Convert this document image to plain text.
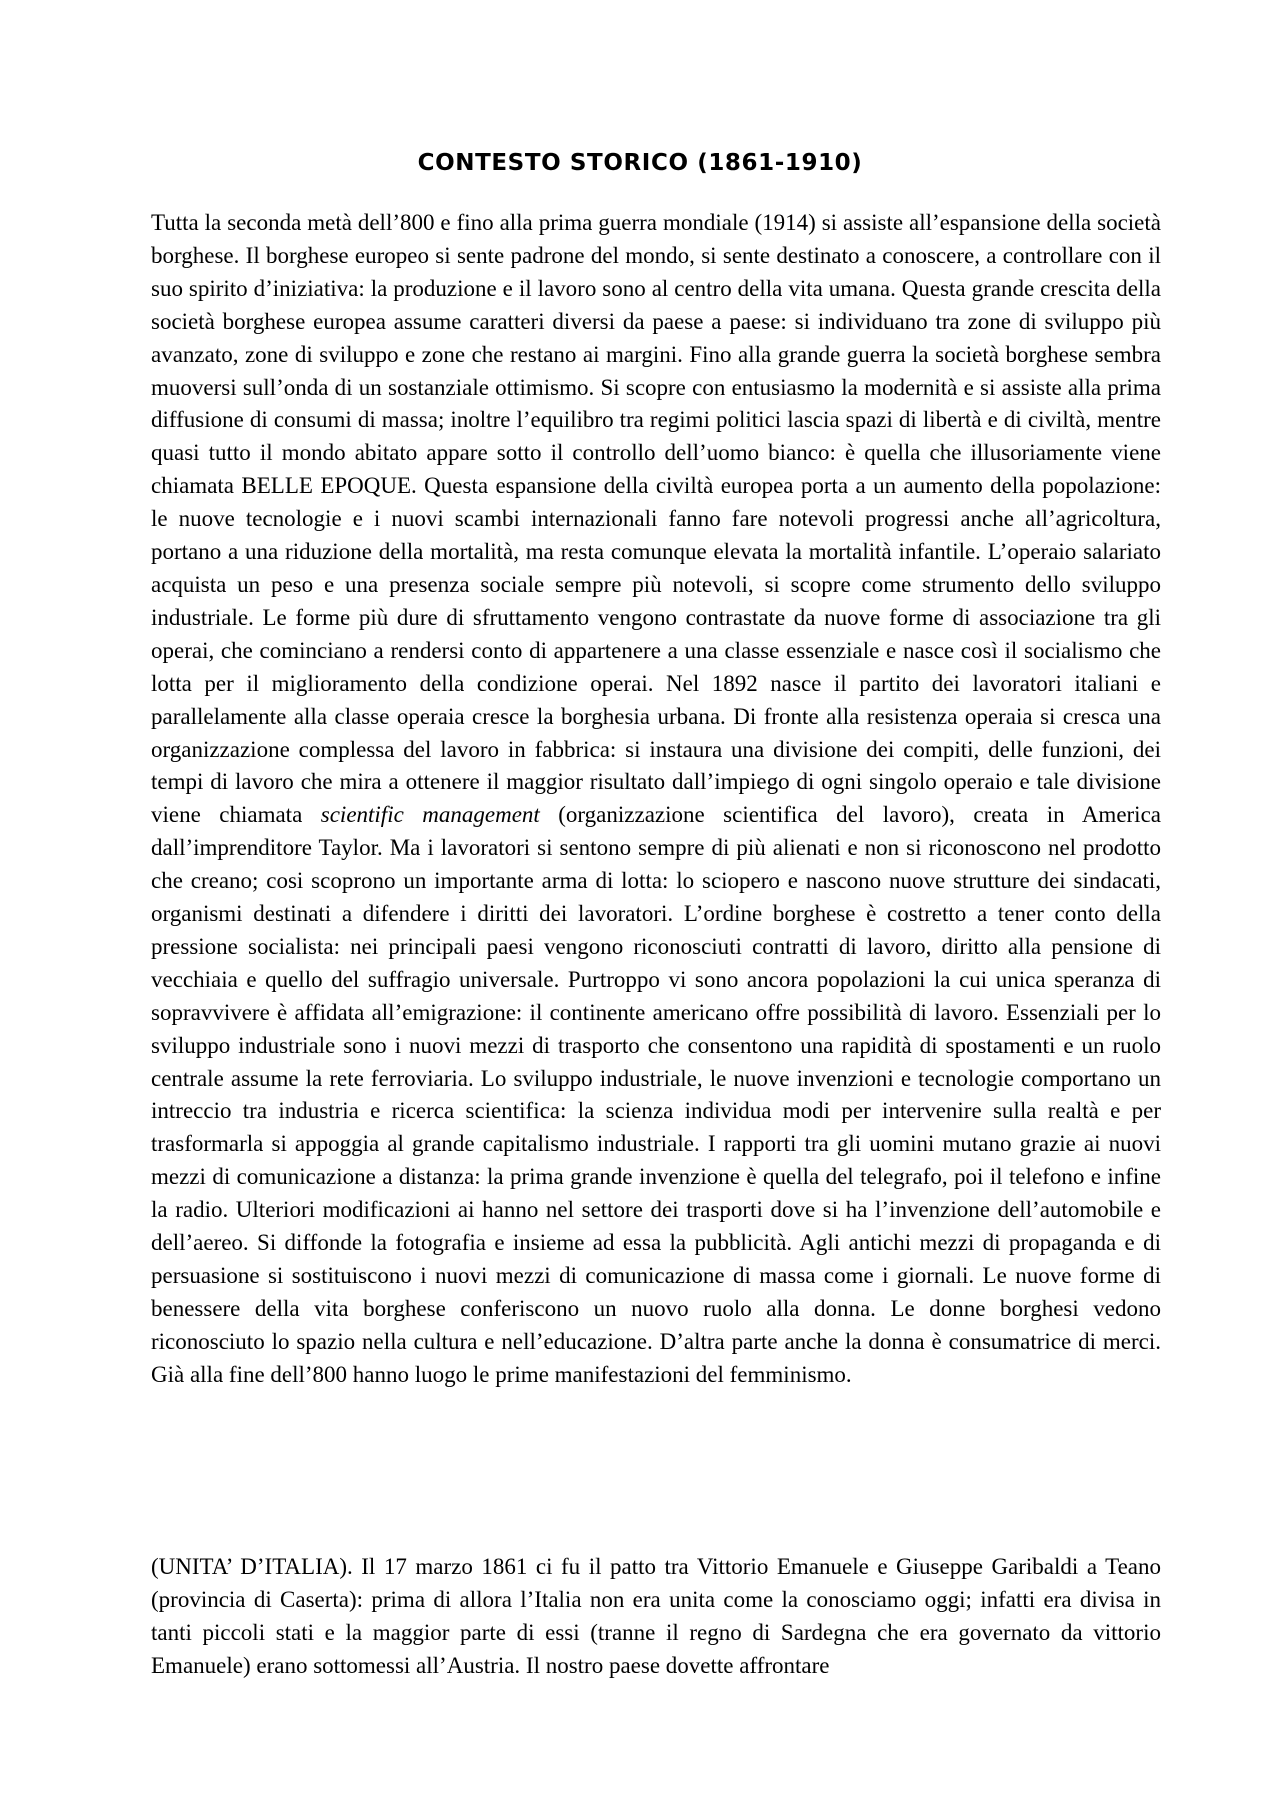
CONTESTO STORICO (1861-1910)

Tutta la seconda metà dell’800 e fino alla prima guerra mondiale (1914) si assiste all’espansione della società borghese. Il borghese europeo si sente padrone del mondo, si sente destinato a conoscere, a controllare con il suo spirito d’iniziativa: la produzione e il lavoro sono al centro della vita umana. Questa grande crescita della società borghese europea assume caratteri diversi da paese a paese: si individuano tra zone di sviluppo più avanzato, zone di sviluppo e zone che restano ai margini. Fino alla grande guerra la società borghese sembra muoversi sull’onda di un sostanziale ottimismo. Si scopre con entusiasmo la modernità e si assiste alla prima diffusione di consumi di massa; inoltre l’equilibro tra regimi politici lascia spazi di libertà e di civiltà, mentre quasi tutto il mondo abitato appare sotto il controllo dell’uomo bianco: è quella che illusoriamente viene chiamata BELLE EPOQUE. Questa espansione della civiltà europea porta a un aumento della popolazione: le nuove tecnologie e i nuovi scambi internazionali fanno fare notevoli progressi anche all’agricoltura, portano a una riduzione della mortalità, ma resta comunque elevata la mortalità infantile. L’operaio salariato acquista un peso e una presenza sociale sempre più notevoli, si scopre come strumento dello sviluppo industriale. Le forme più dure di sfruttamento vengono contrastate da nuove forme di associazione tra gli operai, che cominciano a rendersi conto di appartenere a una classe essenziale e nasce così il socialismo che lotta per il miglioramento della condizione operai. Nel 1892 nasce il partito dei lavoratori italiani e parallelamente alla classe operaia cresce la borghesia urbana. Di fronte alla resistenza operaia si cresca una organizzazione complessa del lavoro in fabbrica: si instaura una divisione dei compiti, delle funzioni, dei tempi di lavoro che mira a ottenere il maggior risultato dall’impiego di ogni singolo operaio e tale divisione viene chiamata scientific management (organizzazione scientifica del lavoro), creata in America dall’imprenditore Taylor. Ma i lavoratori si sentono sempre di più alienati e non si riconoscono nel prodotto che creano; cosi scoprono un importante arma di lotta: lo sciopero e nascono nuove strutture dei sindacati, organismi destinati a difendere i diritti dei lavoratori. L’ordine borghese è costretto a tener conto della pressione socialista: nei principali paesi vengono riconosciuti contratti di lavoro, diritto alla pensione di vecchiaia e quello del suffragio universale. Purtroppo vi sono ancora popolazioni la cui unica speranza di sopravvivere è affidata all’emigrazione: il continente americano offre possibilità di lavoro. Essenziali per lo sviluppo industriale sono i nuovi mezzi di trasporto che consentono una rapidità di spostamenti e un ruolo centrale assume la rete ferroviaria. Lo sviluppo industriale, le nuove invenzioni e tecnologie comportano un intreccio tra industria e ricerca scientifica: la scienza individua modi per intervenire sulla realtà e per trasformarla si appoggia al grande capitalismo industriale. I rapporti tra gli uomini mutano grazie ai nuovi mezzi di comunicazione a distanza: la prima grande invenzione è quella del telegrafo, poi il telefono e infine la radio. Ulteriori modificazioni ai hanno nel settore dei trasporti dove si ha l’invenzione dell’automobile e dell’aereo. Si diffonde la fotografia e insieme ad essa la pubblicità. Agli antichi mezzi di propaganda e di persuasione si sostituiscono i nuovi mezzi di comunicazione di massa come i giornali. Le nuove forme di benessere della vita borghese conferiscono un nuovo ruolo alla donna. Le donne borghesi vedono riconosciuto lo spazio nella cultura e nell’educazione. D’altra parte anche la donna è consumatrice di merci. Già alla fine dell’800 hanno luogo le prime manifestazioni del femminismo.

(UNITA’ D’ITALIA). Il 17 marzo 1861 ci fu il patto tra Vittorio Emanuele e Giuseppe Garibaldi a Teano (provincia di Caserta): prima di allora l’Italia non era unita come la conosciamo oggi; infatti era divisa in tanti piccoli stati e la maggior parte di essi (tranne il regno di Sardegna che era governato da vittorio Emanuele) erano sottomessi all’Austria. Il nostro paese dovette affrontare
